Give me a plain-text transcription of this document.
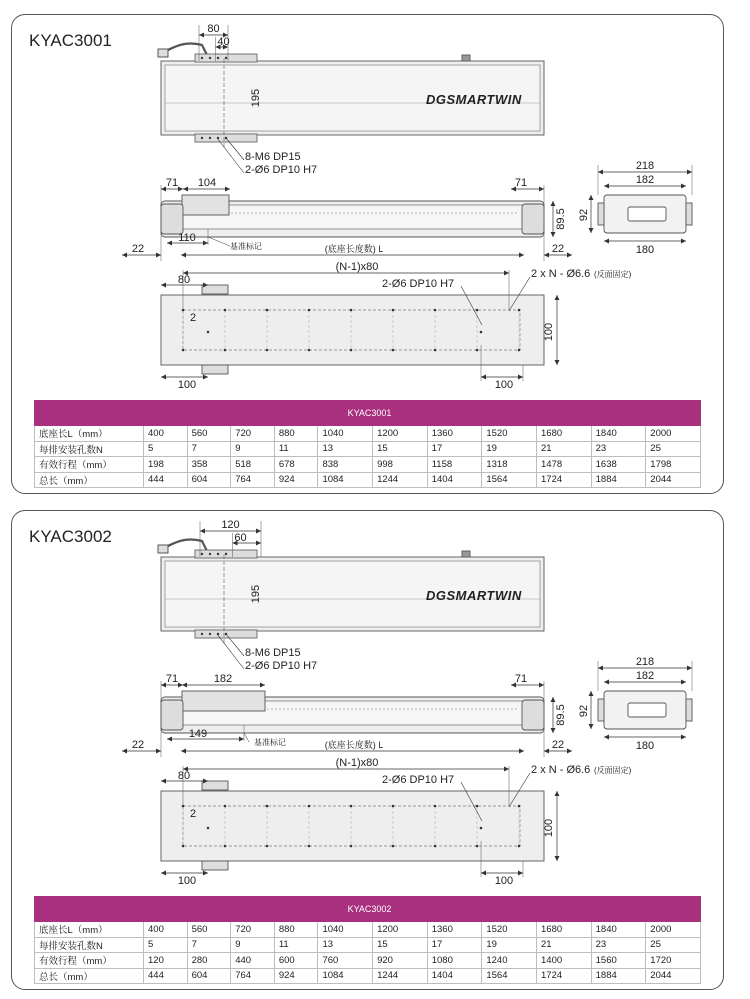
KYAC3001
80
40
195	DGSMARTWIN
8-M6 DP15
2-Ø6 DP10 H7
71 104	71
89.5
110
基准标记
22	22
(底座长度数) L
218
182
92
180
(N-1)x80
80
2
100	100
100
2-Ø6 DP10 H7
2 x N - Ø6.6 (反面固定)
KYAC3001											
底座长L（mm）	400	560	720	880	1040	1200	1360	1520	1680	1840	2000
每排安装孔数N	5	7	9	11	13	15	17	19	21	23	25
有效行程（mm）	198	358	518	678	838	998	1158	1318	1478	1638	1798
总长（mm）	444	604	764	924	1084	1244	1404	1564	1724	1884	2044
KYAC3002
120
60
195	DGSMARTWIN
8-M6 DP15
2-Ø6 DP10 H7
71	182	71
89.5
149
基准标记
22	22
(底座长度数) L
218
182
92
180
(N-1)x80
80
2
100	100
100
2-Ø6 DP10 H7
2 x N - Ø6.6 (反面固定)
KYAC3002											
底座长L（mm）	400	560	720	880	1040	1200	1360	1520	1680	1840	2000
每排安装孔数N	5	7	9	11	13	15	17	19	21	23	25
有效行程（mm）	120	280	440	600	760	920	1080	1240	1400	1560	1720
总长（mm）	444	604	764	924	1084	1244	1404	1564	1724	1884	2044
